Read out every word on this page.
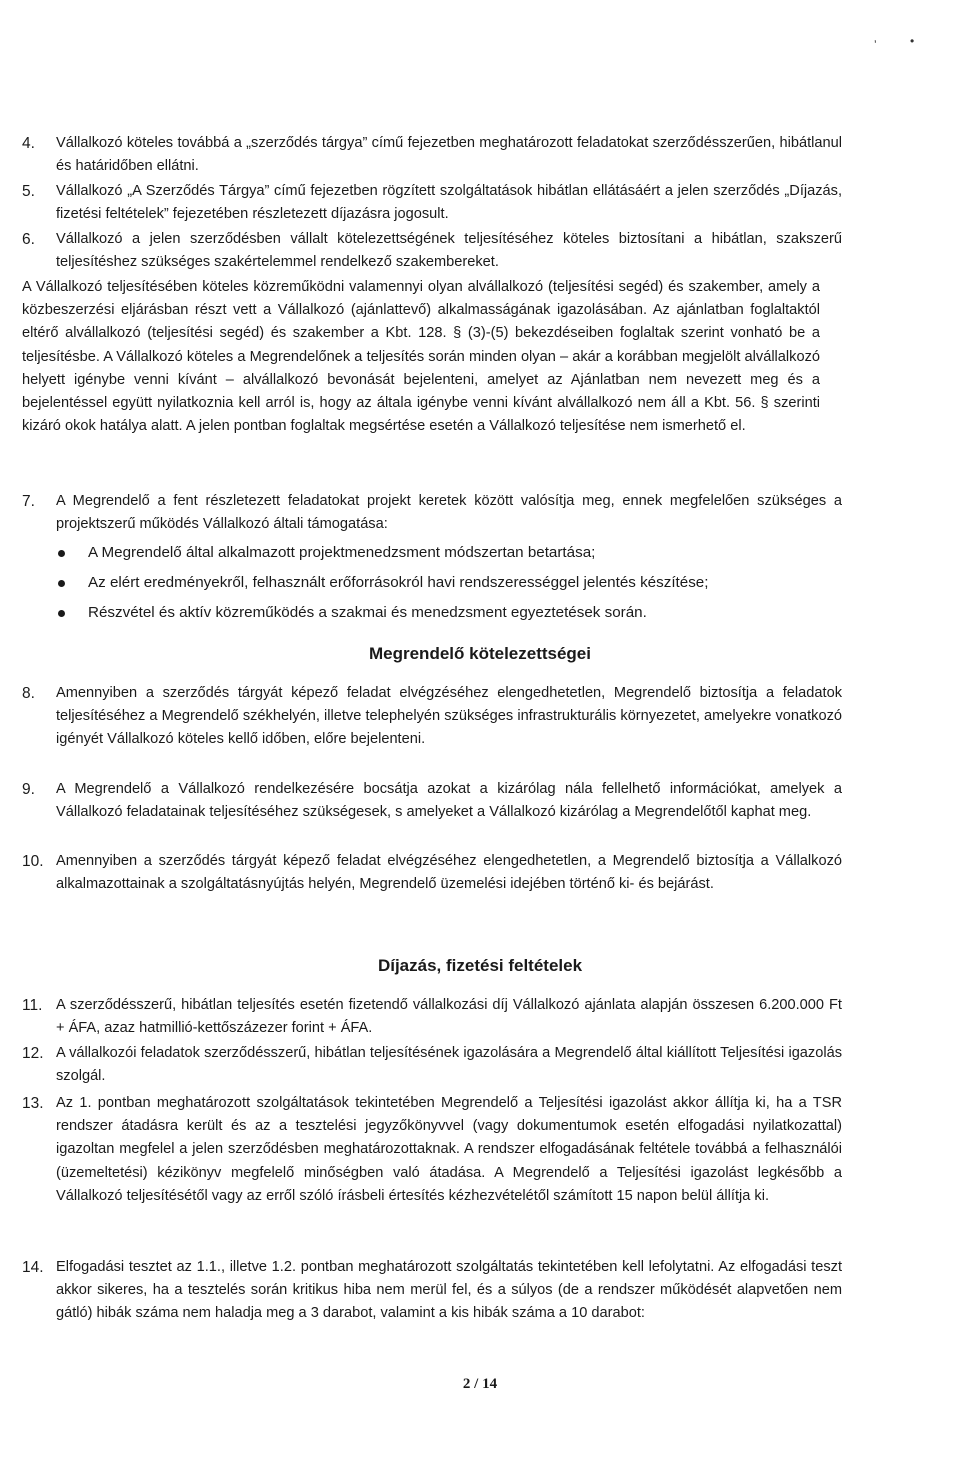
ʼ	•
4.	Vállalkozó köteles továbbá a „szerződés tárgya” című fejezetben meghatározott feladatokat szerződésszerűen, hibátlanul és határidőben ellátni.
5.	Vállalkozó „A Szerződés Tárgya” című fejezetben rögzített szolgáltatások hibátlan ellátásáért a jelen szerződés „Díjazás, fizetési feltételek” fejezetében részletezett díjazásra jogosult.
6.	Vállalkozó a jelen szerződésben vállalt kötelezettségének teljesítéséhez köteles biztosítani a hibátlan, szakszerű teljesítéshez szükséges szakértelemmel rendelkező szakembereket.
A Vállalkozó teljesítésében köteles közreműködni valamennyi olyan alvállalkozó (teljesítési segéd) és szakember, amely a közbeszerzési eljárásban részt vett a Vállalkozó (ajánlattevő) alkalmasságának igazolásában. Az ajánlatban foglaltaktól eltérő alvállalkozó (teljesítési segéd) és szakember a Kbt. 128. § (3)-(5) bekezdéseiben foglaltak szerint vonható be a teljesítésbe. A Vállalkozó köteles a Megrendelőnek a teljesítés során minden olyan – akár a korábban megjelölt alvállalkozó helyett igénybe venni kívánt – alvállalkozó bevonását bejelenteni, amelyet az Ajánlatban nem nevezett meg és a bejelentéssel együtt nyilatkoznia kell arról is, hogy az általa igénybe venni kívánt alvállalkozó nem áll a Kbt. 56. § szerinti kizáró okok hatálya alatt. A jelen pontban foglaltak megsértése esetén a Vállalkozó teljesítése nem ismerhető el.
7.	A Megrendelő a fent részletezett feladatokat projekt keretek között valósítja meg, ennek megfelelően szükséges a projektszerű működés Vállalkozó általi támogatása:
A Megrendelő által alkalmazott projektmenedzsment módszertan betartása;
Az elért eredményekről, felhasznált erőforrásokról havi rendszerességgel jelentés készítése;
Részvétel és aktív közreműködés a szakmai és menedzsment egyeztetések során.
Megrendelő kötelezettségei
8.	Amennyiben a szerződés tárgyát képező feladat elvégzéséhez elengedhetetlen, Megrendelő biztosítja a feladatok teljesítéséhez a Megrendelő székhelyén, illetve telephelyén szükséges infrastrukturális környezetet, amelyekre vonatkozó igényét Vállalkozó köteles kellő időben, előre bejelenteni.
9.	A Megrendelő a Vállalkozó rendelkezésére bocsátja azokat a kizárólag nála fellelhető információkat, amelyek a Vállalkozó feladatainak teljesítéséhez szükségesek, s amelyeket a Vállalkozó kizárólag a Megrendelőtől kaphat meg.
10. Amennyiben a szerződés tárgyát képező feladat elvégzéséhez elengedhetetlen, a Megrendelő biztosítja a Vállalkozó alkalmazottainak a szolgáltatásnyújtás helyén, Megrendelő üzemelési idejében történő ki- és bejárást.
Díjazás, fizetési feltételek
11. A szerződésszerű, hibátlan teljesítés esetén fizetendő vállalkozási díj Vállalkozó ajánlata alapján összesen 6.200.000 Ft + ÁFA, azaz hatmillió-kettőszázezer forint + ÁFA.
12. A vállalkozói feladatok szerződésszerű, hibátlan teljesítésének igazolására a Megrendelő által kiállított Teljesítési igazolás szolgál.
13. Az 1. pontban meghatározott szolgáltatások tekintetében Megrendelő a Teljesítési igazolást akkor állítja ki, ha a TSR rendszer átadásra került és az a tesztelési jegyzőkönyvvel (vagy dokumentumok esetén elfogadási nyilatkozattal) igazoltan megfelel a jelen szerződésben meghatározottaknak. A rendszer elfogadásának feltétele továbbá a felhasználói (üzemeltetési) kézikönyv megfelelő minőségben való átadása. A Megrendelő a Teljesítési igazolást legkésőbb a Vállalkozó teljesítésétől vagy az erről szóló írásbeli értesítés kézhezvételétől számított 15 napon belül állítja ki.
14. Elfogadási tesztet az 1.1., illetve 1.2. pontban meghatározott szolgáltatás tekintetében kell lefolytatni. Az elfogadási teszt akkor sikeres, ha a tesztelés során kritikus hiba nem merül fel, és a súlyos (de a rendszer működését alapvetően nem gátló) hibák száma nem haladja meg a 3 darabot, valamint a kis hibák száma a 10 darabot:
2 / 14
